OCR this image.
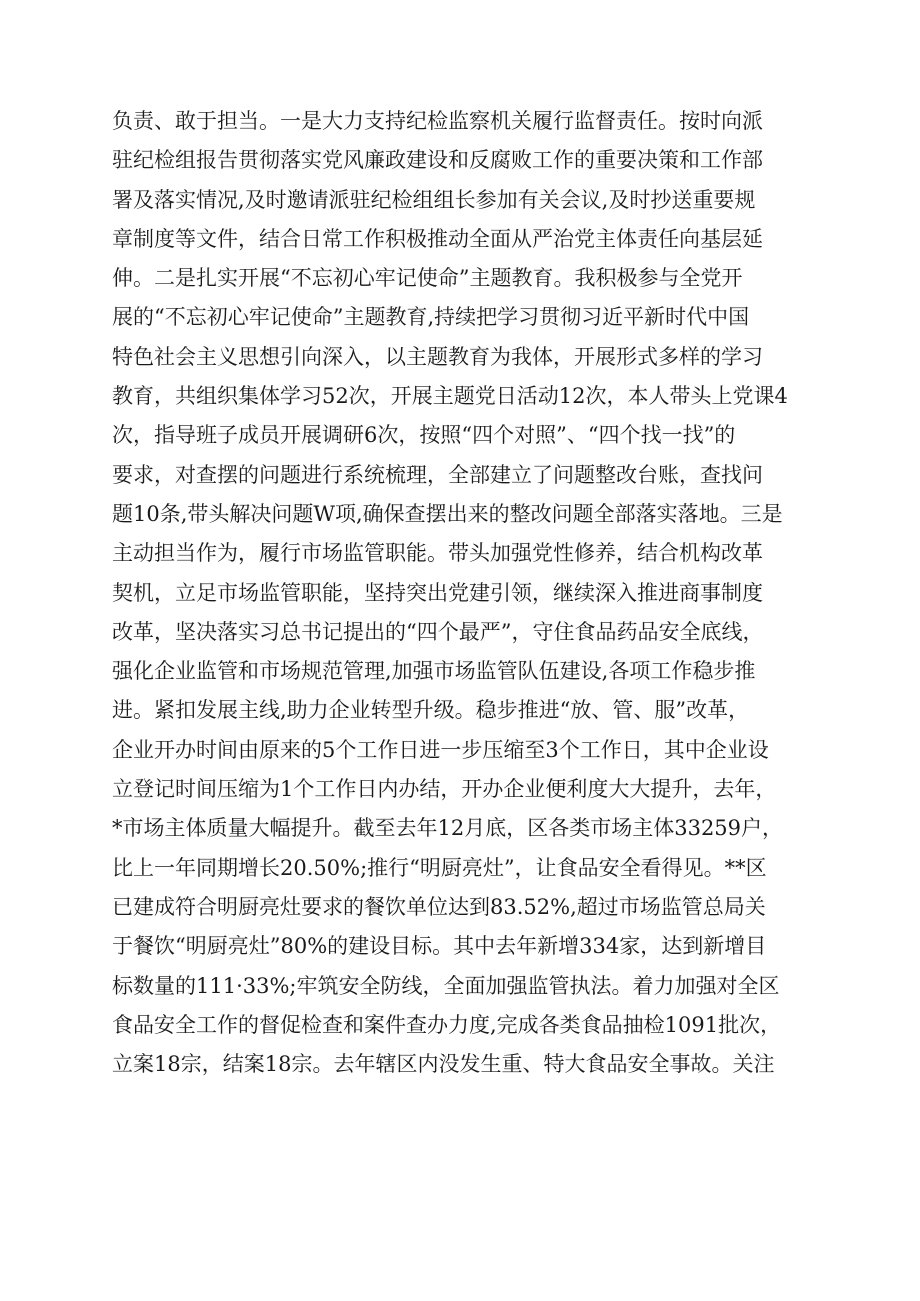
负责、敢于担当。一是大力支持纪检监察机关履行监督责任。按时向派
驻纪检组报告贯彻落实党风廉政建设和反腐败工作的重要决策和工作部
署及落实情况,及时邀请派驻纪检组组长参加有关会议,及时抄送重要规
章制度等文件，结合日常工作积极推动全面从严治党主体责任向基层延
伸。二是扎实开展“不忘初心牢记使命”主题教育。我积极参与全党开
展的“不忘初心牢记使命”主题教育,持续把学习贯彻习近平新时代中国
特色社会主义思想引向深入，以主题教育为我体，开展形式多样的学习
教育，共组织集体学习52次，开展主题党日活动12次，本人带头上党课4
次，指导班子成员开展调研6次，按照“四个对照”、“四个找一找”的
要求，对查摆的问题进行系统梳理，全部建立了问题整改台账，查找问
题10条,带头解决问题W项,确保查摆出来的整改问题全部落实落地。三是
主动担当作为，履行市场监管职能。带头加强党性修养，结合机构改革
契机，立足市场监管职能，坚持突出党建引领，继续深入推进商事制度
改革，坚决落实习总书记提出的“四个最严”，守住食品药品安全底线，
强化企业监管和市场规范管理,加强市场监管队伍建设,各项工作稳步推
进。紧扣发展主线,助力企业转型升级。稳步推进“放、管、服”改革，
企业开办时间由原来的5个工作日进一步压缩至3个工作日，其中企业设
立登记时间压缩为1个工作日内办结，开办企业便利度大大提升，去年，
*市场主体质量大幅提升。截至去年12月底，区各类市场主体33259户，
比上一年同期增长20.50%;推行“明厨亮灶”，让食品安全看得见。**区
已建成符合明厨亮灶要求的餐饮单位达到83.52%,超过市场监管总局关
于餐饮“明厨亮灶”80%的建设目标。其中去年新增334家，达到新增目
标数量的111·33%;牢筑安全防线，全面加强监管执法。着力加强对全区
食品安全工作的督促检查和案件查办力度,完成各类食品抽检1091批次，
立案18宗，结案18宗。去年辖区内没发生重、特大食品安全事故。关注
